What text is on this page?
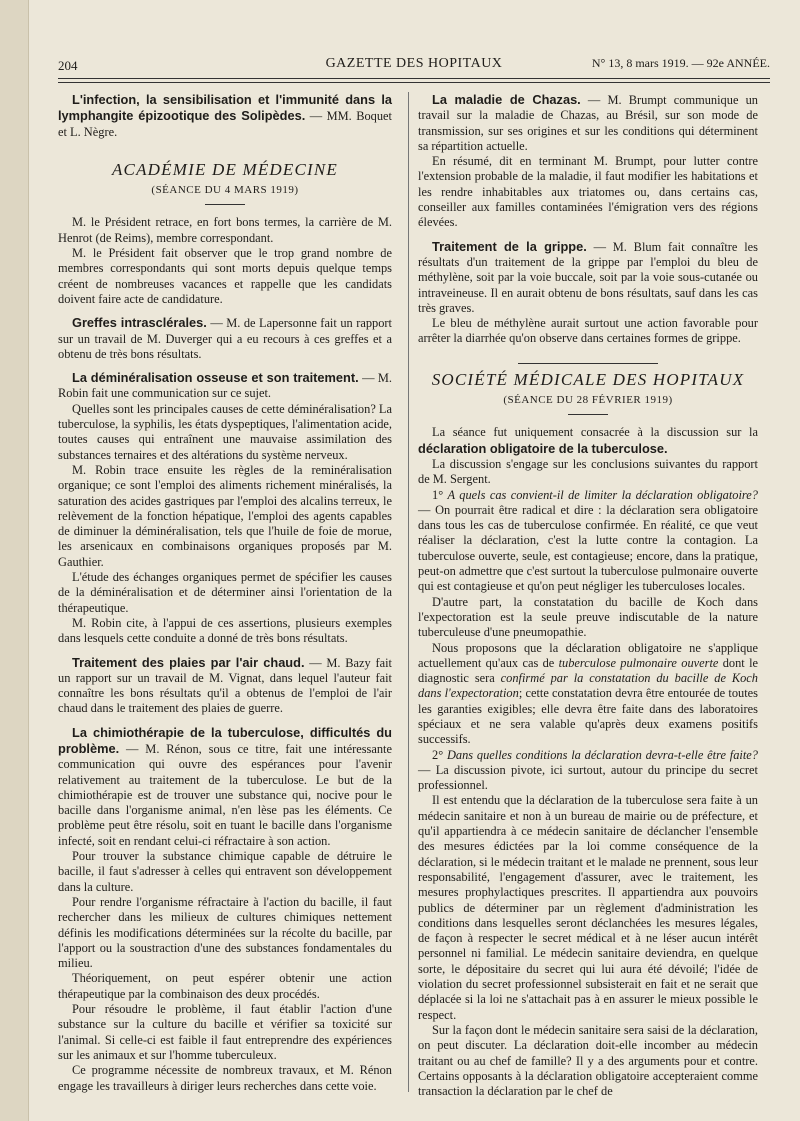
204	GAZETTE DES HOPITAUX	N° 13, 8 mars 1919. — 92e ANNÉE.

L'infection, la sensibilisation et l'immunité dans la lymphangite épizootique des Solipèdes. — MM. Boquet et L. Nègre.

ACADÉMIE DE MÉDECINE
(SÉANCE DU 4 MARS 1919)

M. le Président retrace, en fort bons termes, la carrière de M. Henrot (de Reims), membre correspondant.

M. le Président fait observer que le trop grand nombre de membres correspondants qui sont morts depuis quelque temps créent de nombreuses vacances et rappelle que les candidats doivent faire acte de candidature.

Greffes intrasclérales. — M. de Lapersonne fait un rapport sur un travail de M. Duverger qui a eu recours à ces greffes et a obtenu de très bons résultats.

La déminéralisation osseuse et son traitement. — M. Robin fait une communication sur ce sujet.

Quelles sont les principales causes de cette déminéralisation? La tuberculose, la syphilis, les états dyspeptiques, l'alimentation acide, toutes causes qui entraînent une mauvaise assimilation des substances ternaires et des altérations du système nerveux.

M. Robin trace ensuite les règles de la reminéralisation organique; ce sont l'emploi des aliments richement minéralisés, la saturation des acides gastriques par l'emploi des alcalins terreux, le relèvement de la fonction hépatique, l'emploi des agents capables de diminuer la déminéralisation, tels que l'huile de foie de morue, les arsenicaux en combinaisons organiques proposés par M. Gauthier.

L'étude des échanges organiques permet de spécifier les causes de la déminéralisation et de déterminer ainsi l'orientation de la thérapeutique.

M. Robin cite, à l'appui de ces assertions, plusieurs exemples dans lesquels cette conduite a donné de très bons résultats.

Traitement des plaies par l'air chaud. — M. Bazy fait un rapport sur un travail de M. Vignat, dans lequel l'auteur fait connaître les bons résultats qu'il a obtenus de l'emploi de l'air chaud dans le traitement des plaies de guerre.

La chimiothérapie de la tuberculose, difficultés du problème. — M. Rénon, sous ce titre, fait une intéressante communication qui ouvre des espérances pour l'avenir relativement au traitement de la tuberculose. Le but de la chimiothérapie est de trouver une substance qui, nocive pour le bacille dans l'organisme animal, n'en lèse pas les éléments. Ce problème peut être résolu, soit en tuant le bacille dans l'organisme infecté, soit en rendant celui-ci réfractaire à son action.

Pour trouver la substance chimique capable de détruire le bacille, il faut s'adresser à celles qui entravent son développement dans la culture.

Pour rendre l'organisme réfractaire à l'action du bacille, il faut rechercher dans les milieux de cultures chimiques nettement définis les modifications déterminées sur la récolte du bacille, par l'apport ou la soustraction d'une des substances fondamentales du milieu.

Théoriquement, on peut espérer obtenir une action thérapeutique par la combinaison des deux procédés.

Pour résoudre le problème, il faut établir l'action d'une substance sur la culture du bacille et vérifier sa toxicité sur l'animal. Si celle-ci est faible il faut entreprendre des expériences sur les animaux et sur l'homme tuberculeux.

Ce programme nécessite de nombreux travaux, et M. Rénon engage les travailleurs à diriger leurs recherches dans cette voie.

La maladie de Chazas. — M. Brumpt communique un travail sur la maladie de Chazas, au Brésil, sur son mode de transmission, sur ses origines et sur les conditions qui déterminent sa répartition actuelle.

En résumé, dit en terminant M. Brumpt, pour lutter contre l'extension probable de la maladie, il faut modifier les habitations et les rendre inhabitables aux triatomes ou, dans certains cas, conseiller aux familles contaminées l'émigration vers des régions élevées.

Traitement de la grippe. — M. Blum fait connaître les résultats d'un traitement de la grippe par l'emploi du bleu de méthylène, soit par la voie buccale, soit par la voie sous-cutanée ou intraveineuse. Il en aurait obtenu de bons résultats, sauf dans les cas très graves.

Le bleu de méthylène aurait surtout une action favorable pour arrêter la diarrhée qu'on observe dans certaines formes de grippe.

SOCIÉTÉ MÉDICALE DES HOPITAUX
(SÉANCE DU 28 FÉVRIER 1919)

La séance fut uniquement consacrée à la discussion sur la déclaration obligatoire de la tuberculose.

La discussion s'engage sur les conclusions suivantes du rapport de M. Sergent.

1° A quels cas convient-il de limiter la déclaration obligatoire? — On pourrait être radical et dire : la déclaration sera obligatoire dans tous les cas de tuberculose confirmée. En réalité, ce que veut réaliser la déclaration, c'est la lutte contre la contagion. La tuberculose ouverte, seule, est contagieuse; encore, dans la pratique, peut-on admettre que c'est surtout la tuberculose pulmonaire ouverte qui est contagieuse et qu'on peut négliger les tuberculoses locales.

D'autre part, la constatation du bacille de Koch dans l'expectoration est la seule preuve indiscutable de la nature tuberculeuse d'une pneumopathie.

Nous proposons que la déclaration obligatoire ne s'applique actuellement qu'aux cas de tuberculose pulmonaire ouverte dont le diagnostic sera confirmé par la constatation du bacille de Koch dans l'expectoration; cette constatation devra être entourée de toutes les garanties exigibles; elle devra être faite dans des laboratoires spéciaux et ne sera valable qu'après deux examens positifs successifs.

2° Dans quelles conditions la déclaration devra-t-elle être faite? — La discussion pivote, ici surtout, autour du principe du secret professionnel.

Il est entendu que la déclaration de la tuberculose sera faite à un médecin sanitaire et non à un bureau de mairie ou de préfecture, et qu'il appartiendra à ce médecin sanitaire de déclancher l'ensemble des mesures édictées par la loi comme conséquence de la déclaration, si le médecin traitant et le malade ne prennent, sous leur responsabilité, l'engagement d'assurer, avec le traitement, les mesures prophylactiques prescrites. Il appartiendra aux pouvoirs publics de déterminer par un règlement d'administration les conditions dans lesquelles seront déclanchées les mesures légales, de façon à respecter le secret médical et à ne léser aucun intérêt personnel ni familial. Le médecin sanitaire deviendra, en quelque sorte, le dépositaire du secret qui lui aura été dévoilé; l'idée de violation du secret professionnel subsisterait en fait et ne serait que déplacée si la loi ne s'attachait pas à en assurer le mieux possible le respect.

Sur la façon dont le médecin sanitaire sera saisi de la déclaration, on peut discuter. La déclaration doit-elle incomber au médecin traitant ou au chef de famille? Il y a des arguments pour et contre. Certains opposants à la déclaration obligatoire accepteraient comme transaction la déclaration par le chef de
